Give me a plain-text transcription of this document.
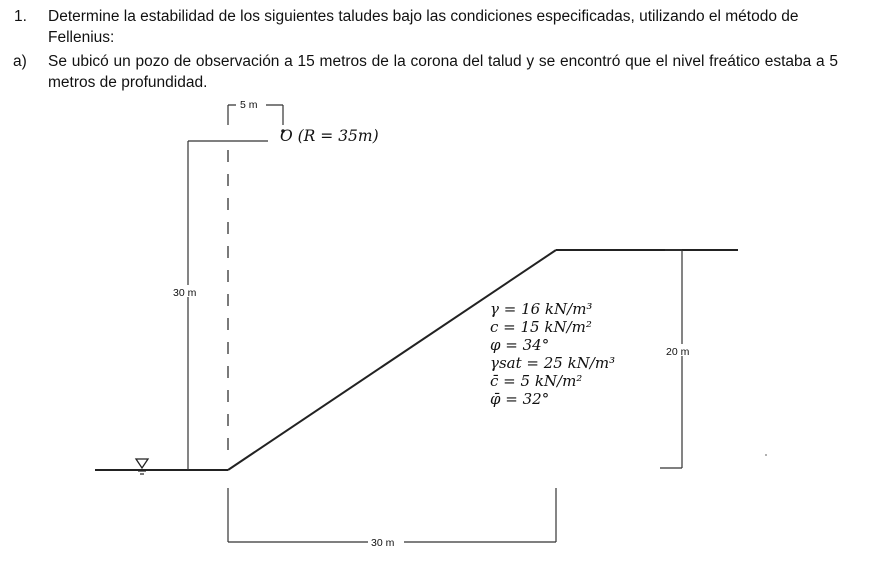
1. Determine la estabilidad de los siguientes taludes bajo las condiciones especificadas, utilizando el método de Fellenius:
a) Se ubicó un pozo de observación a 15 metros de la corona del talud y se encontró que el nivel freático estaba a 5 metros de profundidad.
5 m
30 m
20 m
30 m
O (R = 35m)
γ = 16 kN/m³
c = 15 kN/m²
φ = 34°
γsat = 25 kN/m³
c̄ = 5 kN/m²
φ̄ = 32°
